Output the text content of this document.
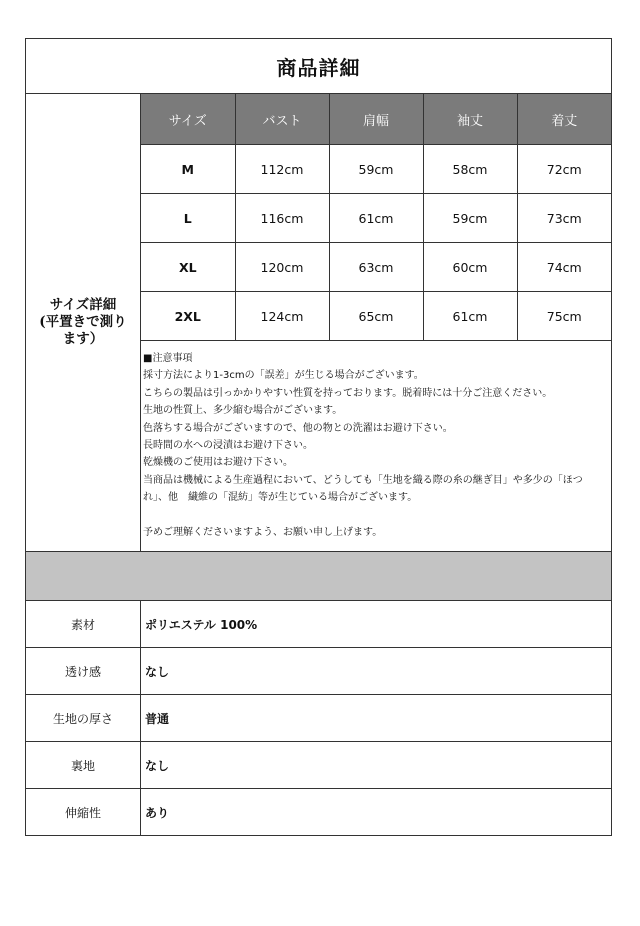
商品詳細
サイズ詳細
(平置きで測り
ます）	
サイズ	バスト	肩幅	袖丈	着丈
M	112cm	59cm	58cm	72cm
L	116cm	61cm	59cm	73cm
XL	120cm	63cm	60cm	74cm
2XL	124cm	65cm	61cm	75cm
■注意事項
採寸方法により1-3cmの「誤差」が生じる場合がございます。
こちらの製品は引っかかりやすい性質を持っております。脱着時には十分ご注意ください。
生地の性質上、多少縮む場合がございます。
色落ちする場合がございますので、他の物との洗濯はお避け下さい。
長時間の水への浸漬はお避け下さい。
乾燥機のご使用はお避け下さい。
当商品は機械による生産過程において、どうしても「生地を織る際の糸の継ぎ目」や多少の「ほつれ」、他　繊維の「混紡」等が生じている場合がございます。
予めご理解くださいますよう、お願い申し上げます。

素材	ポリエステル 100%
透け感	なし
生地の厚さ	普通
裏地	なし
伸縮性	あり
